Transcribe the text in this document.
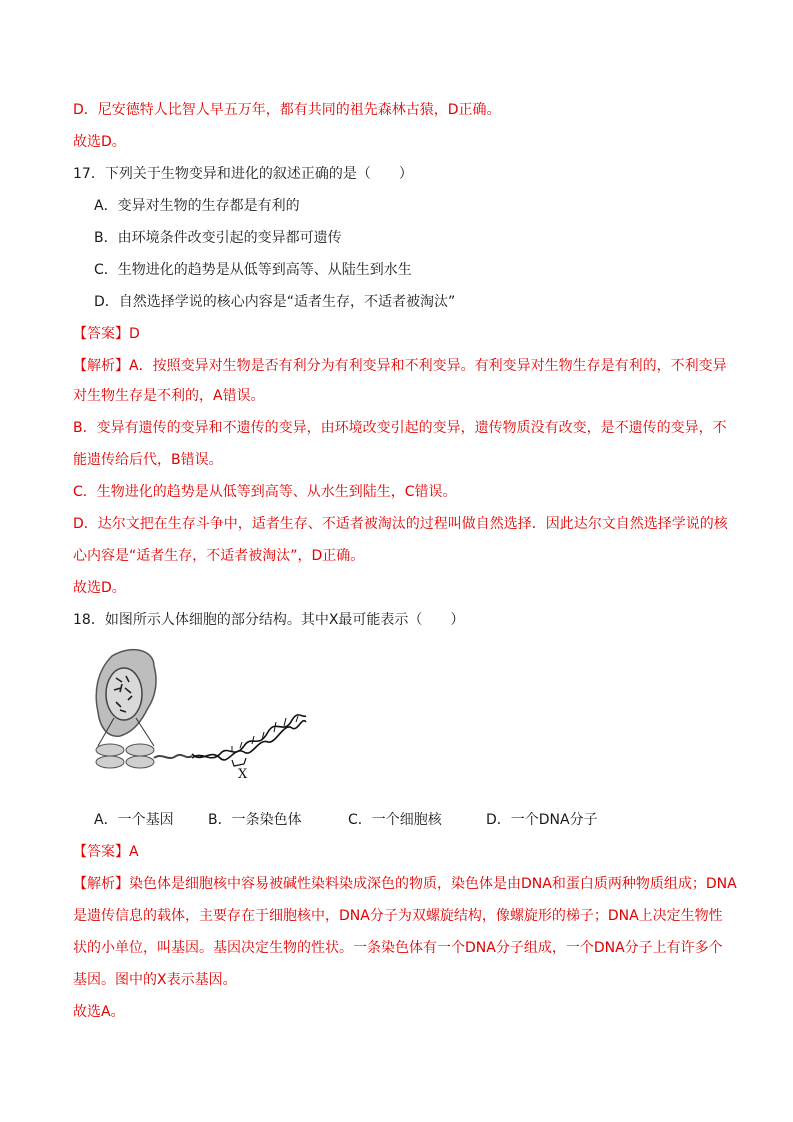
D．尼安德特人比智人早五万年，都有共同的祖先森林古猿，D正确。
故选D。
17．下列关于生物变异和进化的叙述正确的是（　　）
A．变异对生物的生存都是有利的
B．由环境条件改变引起的变异都可遗传
C．生物进化的趋势是从低等到高等、从陆生到水生
D．自然选择学说的核心内容是“适者生存，不适者被淘汰”
【答案】D
【解析】A．按照变异对生物是否有利分为有利变异和不利变异。有利变异对生物生存是有利的，不利变异
对生物生存是不利的，A错误。
B．变异有遗传的变异和不遗传的变异，由环境改变引起的变异，遗传物质没有改变，是不遗传的变异，不
能遗传给后代，B错误。
C．生物进化的趋势是从低等到高等、从水生到陆生，C错误。
D．达尔文把在生存斗争中，适者生存、不适者被淘汰的过程叫做自然选择．因此达尔文自然选择学说的核
心内容是“适者生存，不适者被淘汰”，D正确。
故选D。
18．如图所示人体细胞的部分结构。其中X最可能表示（　　）
X
A．一个基因 B．一条染色体	C．一个细胞核	D．一个DNA分子
【答案】A
【解析】染色体是细胞核中容易被碱性染料染成深色的物质，染色体是由DNA和蛋白质两种物质组成；DNA
是遗传信息的载体，主要存在于细胞核中，DNA分子为双螺旋结构，像螺旋形的梯子；DNA上决定生物性
状的小单位，叫基因。基因决定生物的性状。一条染色体有一个DNA分子组成，一个DNA分子上有许多个
基因。图中的X表示基因。
故选A。
